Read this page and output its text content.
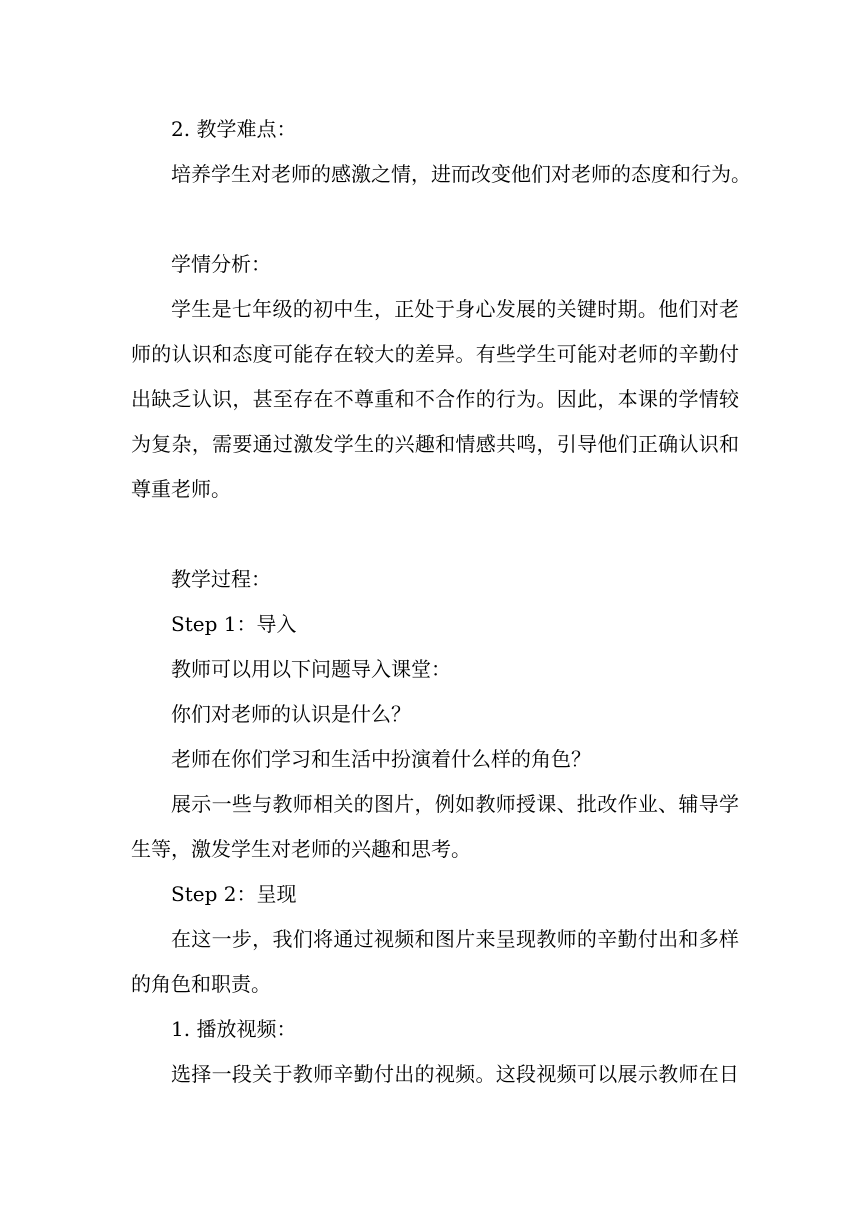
2. 教学难点：
培养学生对老师的感激之情，进而改变他们对老师的态度和行为。
学情分析：
学生是七年级的初中生，正处于身心发展的关键时期。他们对老
师的认识和态度可能存在较大的差异。有些学生可能对老师的辛勤付
出缺乏认识，甚至存在不尊重和不合作的行为。因此，本课的学情较
为复杂，需要通过激发学生的兴趣和情感共鸣，引导他们正确认识和
尊重老师。
教学过程：
Step 1：导入
教师可以用以下问题导入课堂：
你们对老师的认识是什么？
老师在你们学习和生活中扮演着什么样的角色？
展示一些与教师相关的图片，例如教师授课、批改作业、辅导学
生等，激发学生对老师的兴趣和思考。
Step 2：呈现
在这一步，我们将通过视频和图片来呈现教师的辛勤付出和多样
的角色和职责。
1. 播放视频：
选择一段关于教师辛勤付出的视频。这段视频可以展示教师在日
